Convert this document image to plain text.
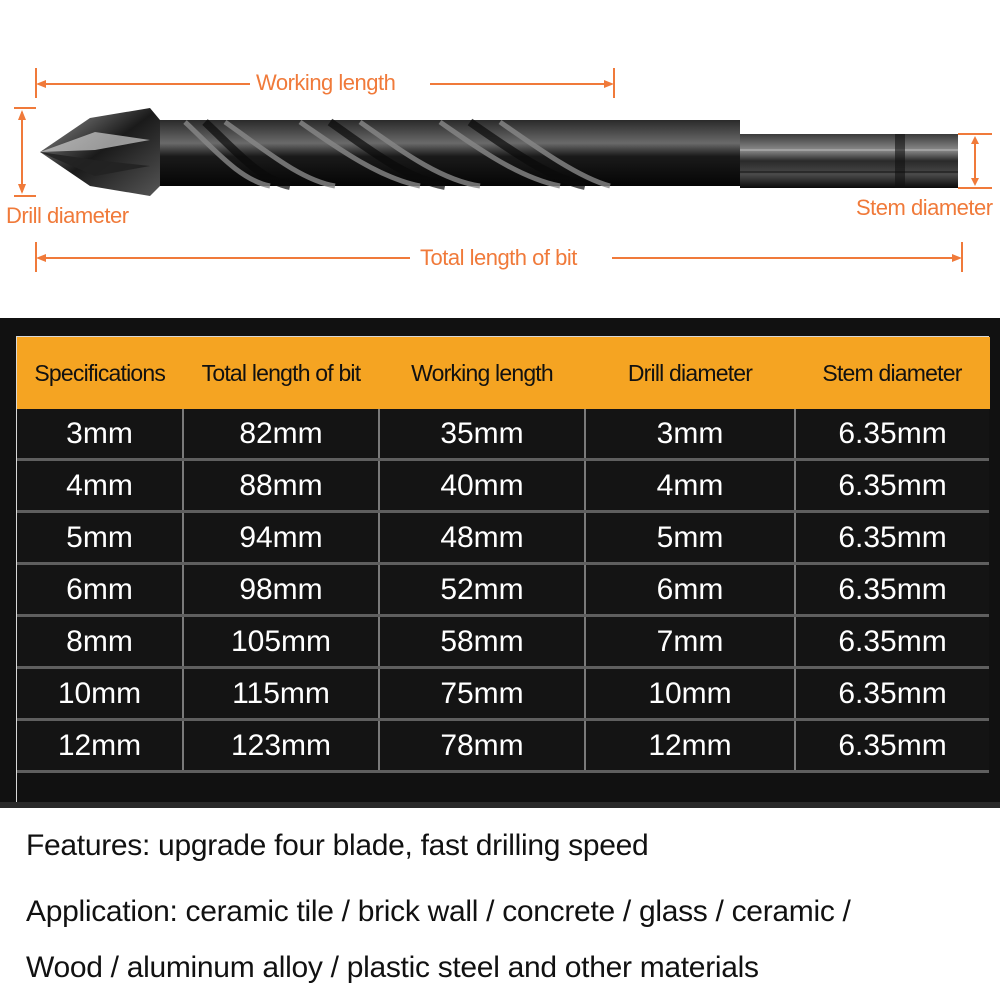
Working length
Drill diameter	Stem diameter
Total length of bit
Specifications	Total length of bit	Working length	Drill diameter	Stem diameter
3mm	82mm	35mm	3mm	6.35mm
4mm	88mm	40mm	4mm	6.35mm
5mm	94mm	48mm	5mm	6.35mm
6mm	98mm	52mm	6mm	6.35mm
8mm	105mm	58mm	7mm	6.35mm
10mm	115mm	75mm	10mm	6.35mm
12mm	123mm	78mm	12mm	6.35mm
Features: upgrade four blade, fast drilling speed
Application: ceramic tile / brick wall / concrete / glass / ceramic /
Wood / aluminum alloy / plastic steel and other materials
